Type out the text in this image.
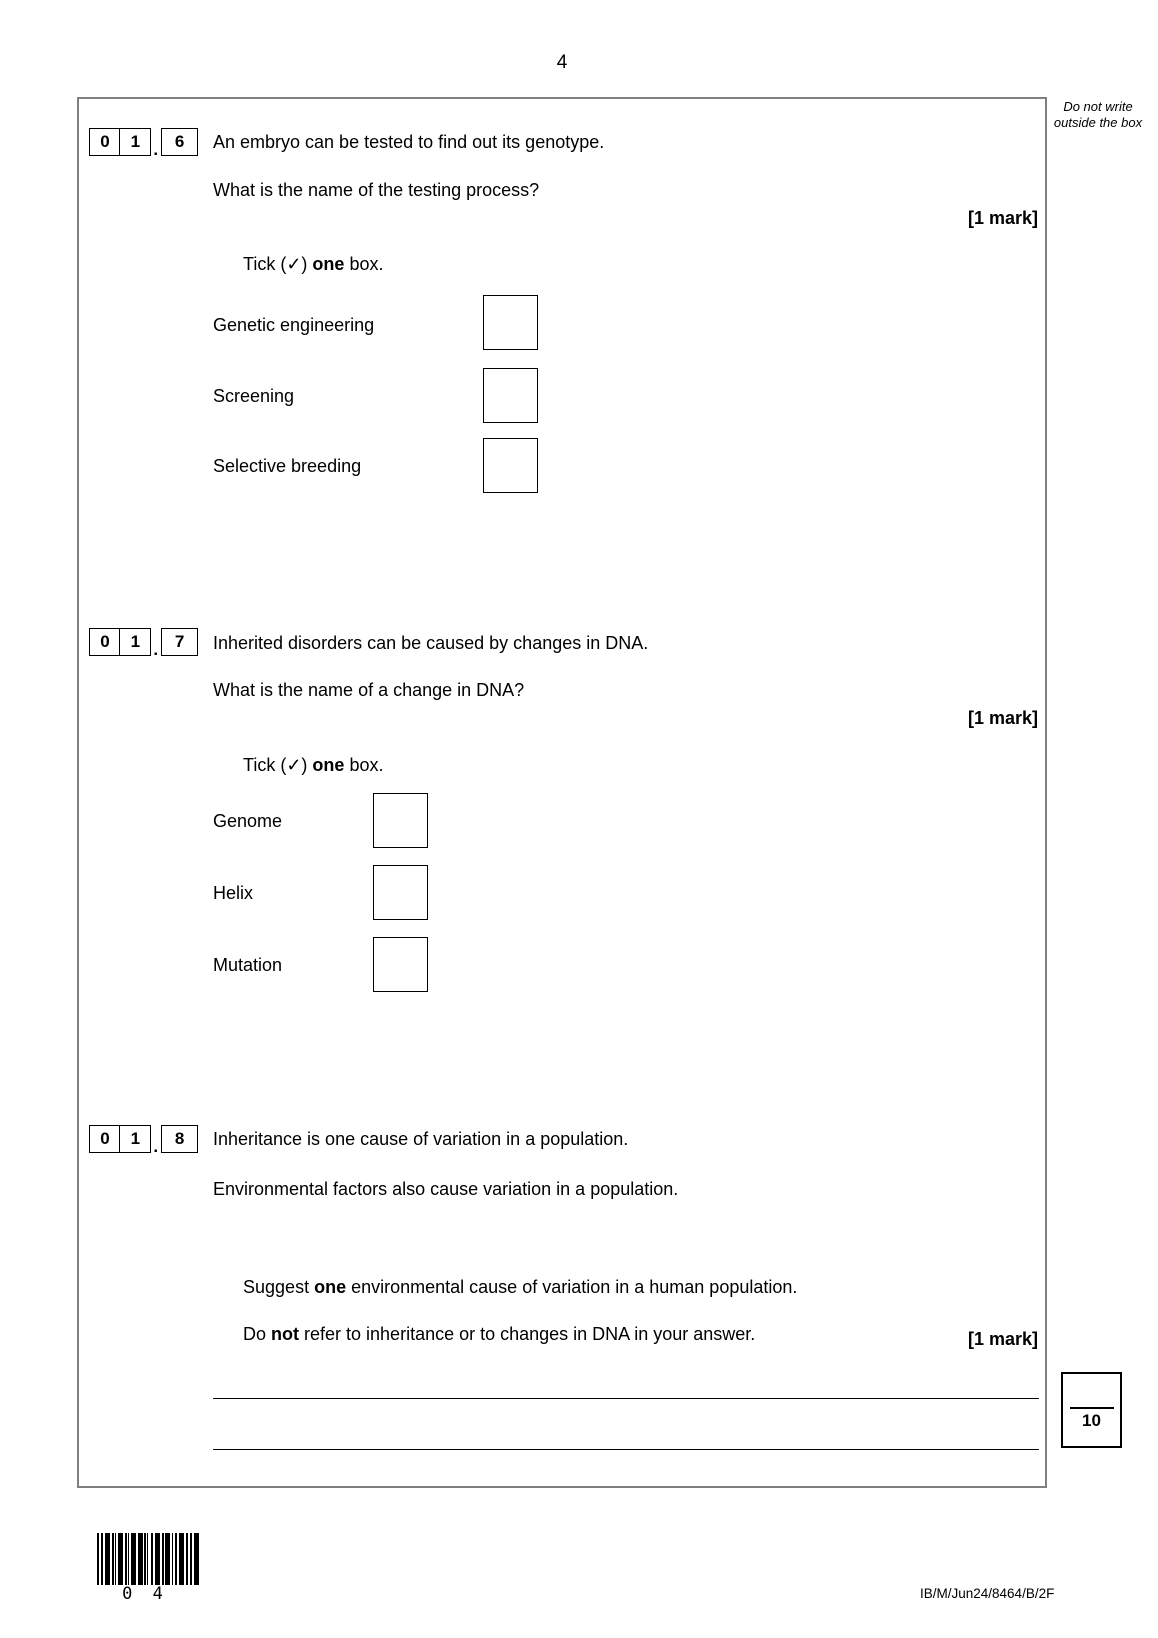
4
Do not write outside the box
0	1 . 6	An embryo can be tested to find out its genotype.
What is the name of the testing process?
[1 mark]

Tick (✓) one box.

Genetic engineering
Screening
Selective breeding
0	1 . 7	Inherited disorders can be caused by changes in DNA.
What is the name of a change in DNA?
[1 mark]

Tick (✓) one box.

Genome
Helix
Mutation
0	1 . 8	Inheritance is one cause of variation in a population.
Environmental factors also cause variation in a population.

Suggest one environmental cause of variation in a human population.

Do not refer to inheritance or to changes in DNA in your answer.
	[1 mark]
10
0 4	IB/M/Jun24/8464/B/2F
